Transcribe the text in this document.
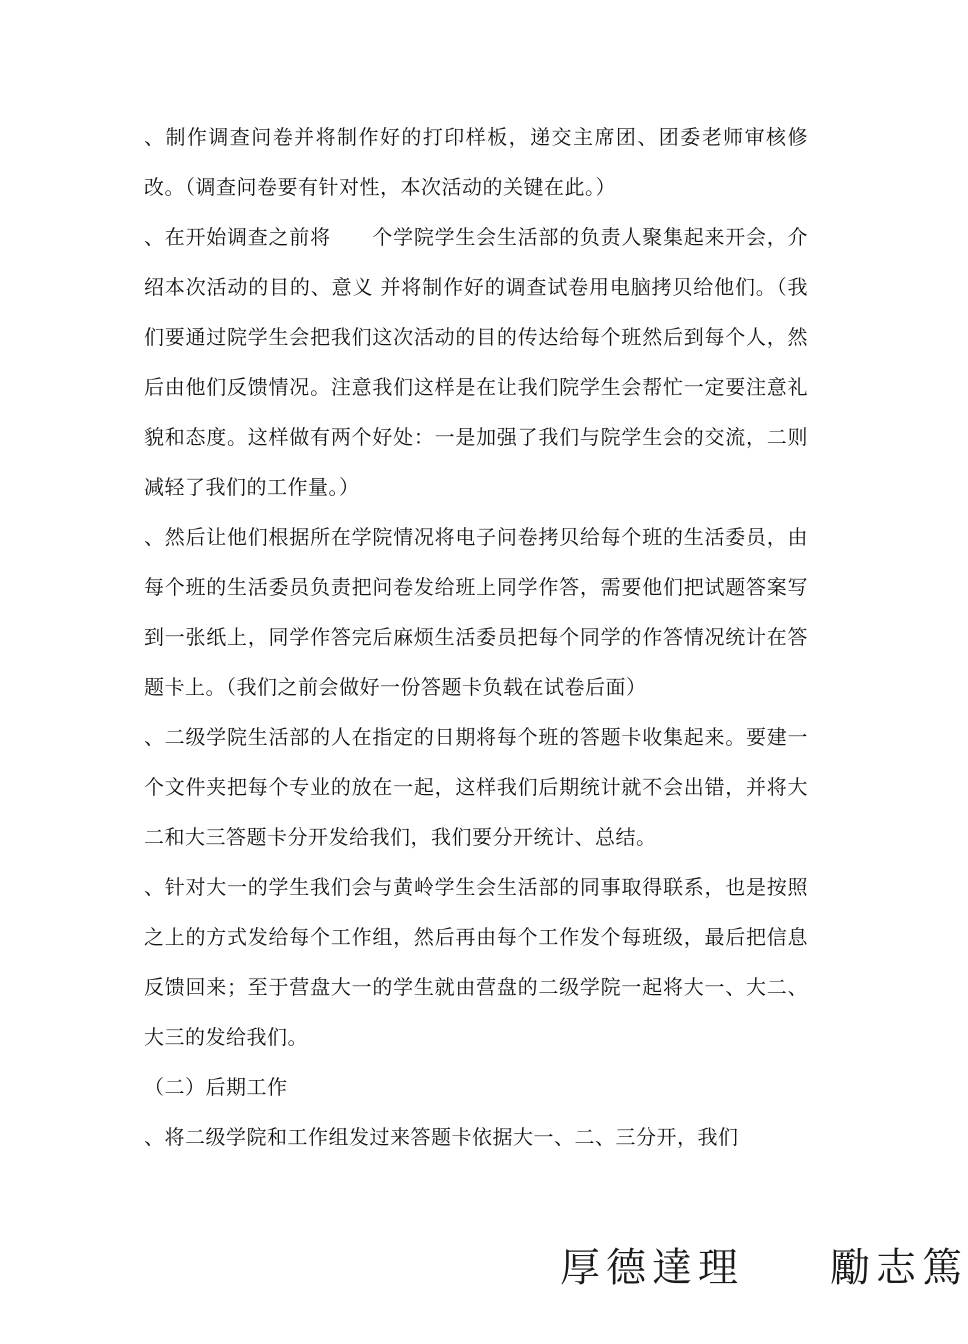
、制作调查问卷并将制作好的打印样板，递交主席团、团委老师审核修改。（调查问卷要有针对性，本次活动的关键在此。）

、在开始调查之前将　　个学院学生会生活部的负责人聚集起来开会，介绍本次活动的目的、意义 并将制作好的调查试卷用电脑拷贝给他们。（我们要通过院学生会把我们这次活动的目的传达给每个班然后到每个人，然后由他们反馈情况。注意我们这样是在让我们院学生会帮忙一定要注意礼貌和态度。这样做有两个好处：一是加强了我们与院学生会的交流，二则减轻了我们的工作量。）

、然后让他们根据所在学院情况将电子问卷拷贝给每个班的生活委员，由每个班的生活委员负责把问卷发给班上同学作答，需要他们把试题答案写到一张纸上，同学作答完后麻烦生活委员把每个同学的作答情况统计在答题卡上。（我们之前会做好一份答题卡负载在试卷后面）

、二级学院生活部的人在指定的日期将每个班的答题卡收集起来。要建一个文件夹把每个专业的放在一起，这样我们后期统计就不会出错，并将大二和大三答题卡分开发给我们，我们要分开统计、总结。

、针对大一的学生我们会与黄岭学生会生活部的同事取得联系，也是按照之上的方式发给每个工作组，然后再由每个工作发个每班级，最后把信息反馈回来；至于营盘大一的学生就由营盘的二级学院一起将大一、大二、大三的发给我们。

（二）后期工作

、将二级学院和工作组发过来答题卡依据大一、二、三分开，我们

厚德達理 勵志篤
